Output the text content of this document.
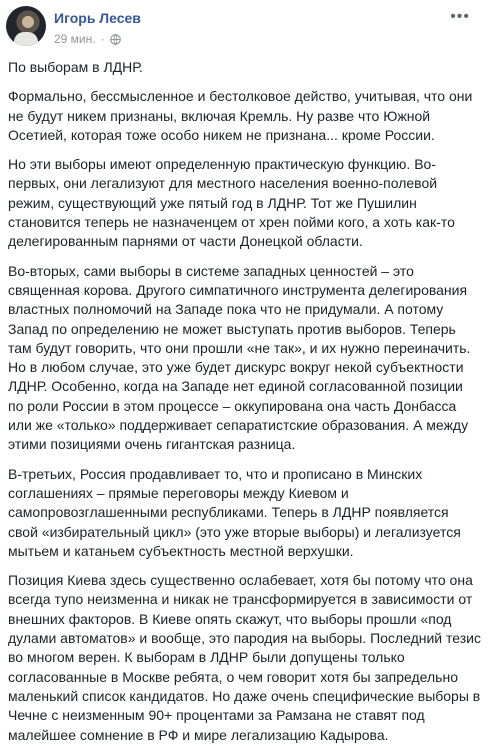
Игорь Лесев
29 мин. ·
•••

По выборам в ЛДНР.

Формально, бессмысленное и бестолковое действо, учитывая, что они не будут никем признаны, включая Кремль. Ну разве что Южной Осетией, которая тоже особо никем не признана... кроме России.

Но эти выборы имеют определенную практическую функцию. Во-первых, они легализуют для местного населения военно-полевой режим, существующий уже пятый год в ЛДНР. Тот же Пушилин становится теперь не назначенцем от хрен пойми кого, а хоть как-то делегированным парнями от части Донецкой области.

Во-вторых, сами выборы в системе западных ценностей – это священная корова. Другого симпатичного инструмента делегирования властных полномочий на Западе пока что не придумали. А потому Запад по определению не может выступать против выборов. Теперь там будут говорить, что они прошли «не так», и их нужно переиначить. Но в любом случае, это уже будет дискурс вокруг некой субъектности ЛДНР. Особенно, когда на Западе нет единой согласованной позиции по роли России в этом процессе – оккупирована она часть Донбасса или же «только» поддерживает сепаратистские образования. А между этими позициями очень гигантская разница.

В-третьих, Россия продавливает то, что и прописано в Минских соглашениях – прямые переговоры между Киевом и самопровозглашенными республиками. Теперь в ЛДНР появляется свой «избирательный цикл» (это уже вторые выборы) и легализуется мытьем и катаньем субъектность местной верхушки.

Позиция Киева здесь существенно ослабевает, хотя бы потому что она всегда тупо неизменна и никак не трансформируется в зависимости от внешних факторов. В Киеве опять скажут, что выборы прошли «под дулами автоматов» и вообще, это пародия на выборы. Последний тезис во многом верен. К выборам в ЛДНР были допущены только согласованные в Москве ребята, о чем говорит хотя бы запредельно маленький список кандидатов. Но даже очень специфические выборы в Чечне с неизменным 90+ процентами за Рамзана не ставят под малейшее сомнение в РФ и мире легализацию Кадырова.
